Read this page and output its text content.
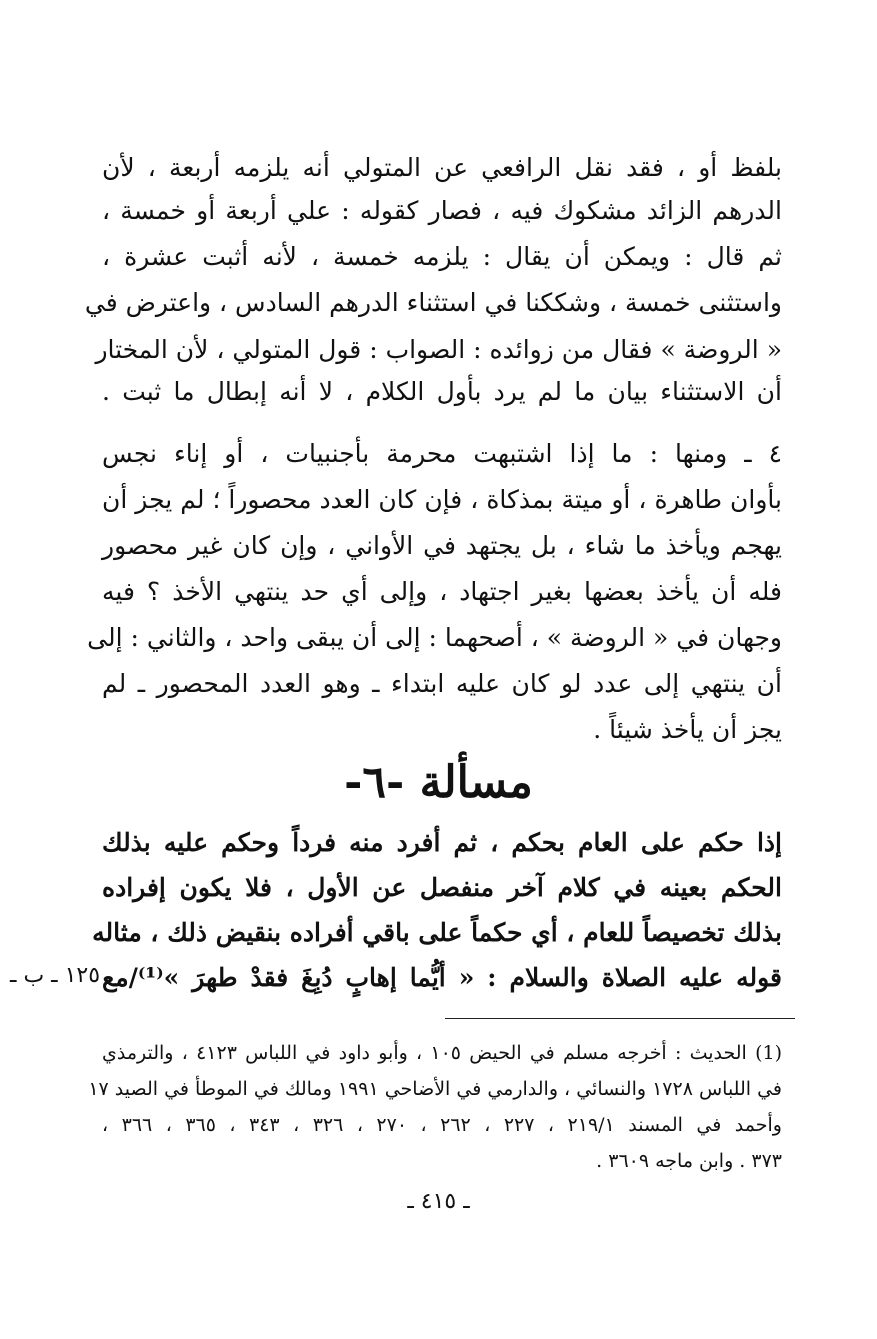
بلفظ أو ، فقد نقل الرافعي عن المتولي أنه يلزمه أربعة ، لأن
الدرهم الزائد مشكوك فيه ، فصار كقوله : علي أربعة أو خمسة ،
ثم قال : ويمكن أن يقال : يلزمه خمسة ، لأنه أثبت عشرة ،
واستثنى خمسة ، وشككنا في استثناء الدرهم السادس ، واعترض في
« الروضة » فقال من زوائده : الصواب : قول المتولي ، لأن المختار
أن الاستثناء بيان ما لم يرد بأول الكلام ، لا أنه إبطال ما ثبت .
٤ ـ ومنها : ما إذا اشتبهت محرمة بأجنبيات ، أو إناء نجس
بأوان طاهرة ، أو ميتة بمذكاة ، فإن كان العدد محصوراً ؛ لم يجز أن
يهجم ويأخذ ما شاء ، بل يجتهد في الأواني ، وإن كان غير محصور
فله أن يأخذ بعضها بغير اجتهاد ، وإلى أي حد ينتهي الأخذ ؟ فيه
وجهان في « الروضة » ، أصحهما : إلى أن يبقى واحد ، والثاني : إلى
أن ينتهي إلى عدد لو كان عليه ابتداء ـ وهو العدد المحصور ـ لم
يجز أن يأخذ شيئاً .
مسألة -٦-
إذا حكم على العام بحكم ، ثم أفرد منه فرداً وحكم عليه بذلك
الحكم بعينه في كلام آخر منفصل عن الأول ، فلا يكون إفراده
بذلك تخصيصاً للعام ، أي حكماً على باقي أفراده بنقيض ذلك ، مثاله
قوله عليه الصلاة والسلام : « أيُّما إهابٍ دُبِغَ فقدْ طهرَ »⁽¹⁾/مع
١٢٥ ـ ب ـ
(1) الحديث : أخرجه مسلم في الحيض ١٠٥ ، وأبو داود في اللباس ٤١٢٣ ، والترمذي
في اللباس ١٧٢٨ والنسائي ، والدارمي في الأضاحي ١٩٩١ ومالك في الموطأ في الصيد ١٧
وأحمد في المسند ٢١٩/١ ، ٢٢٧ ، ٢٦٢ ، ٢٧٠ ، ٣٢٦ ، ٣٤٣ ، ٣٦٥ ، ٣٦٦ ،
٣٧٣ . وابن ماجه ٣٦٠٩ .
ـ ٤١٥ ـ
